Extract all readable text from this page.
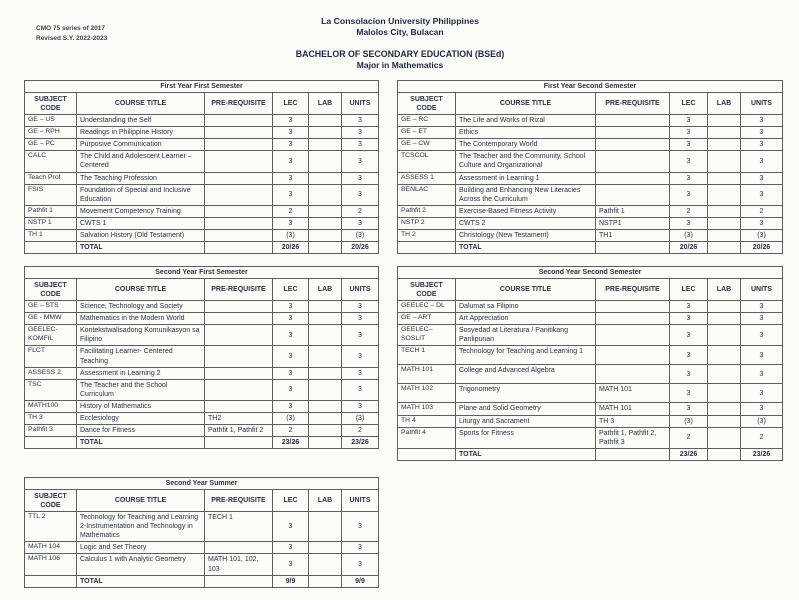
CMO 75 series of 2017
Revised S.Y. 2022-2023
La Consolacion University Philippines
Malolos City, Bulacan
BACHELOR OF SECONDARY EDUCATION (BSEd)
Major in Mathematics
First Year First Semester					
SUBJECT CODE	COURSE TITLE	PRE-REQUISITE	LEC	LAB	UNITS
GE – US	Understanding the Self		3		3
GE – RPH	Readings in Philippine History		3		3
GE – PC	Purposive Communication		3		3
CALC	The Child and Adolescent Learner – Centered		3		3
Teach Prof	The Teaching Profession		3		3
FSIS	Foundation of Special and Inclusive Education		3		3
Pathfit 1	Movement Competency Training		2		2
NSTP 1	CWTS 1		3		3
TH 1	Salvation History (Old Testament)		(3)		(3)
	TOTAL		20/26		20/26
First Year Second Semester					
SUBJECT CODE	COURSE TITLE	PRE-REQUISITE	LEC	LAB	UNITS
GE – RC	The Life and Works of Rizal		3		3
GE – ET	Ethics		3		3
GE – CW	The Contemporary World		3		3
TCSCOL	The Teacher and the Community, School Culture and Organizational		3		3
ASSESS 1	Assessment in Learning 1		3		3
BENLAC	Building and Enhancing New Literacies Across the Curriculum		3		3
Pathfit 2	Exercise-Based Fitness Activity	Pathfit 1	2		2
NSTP 2	CWTS 2	NSTP1	3		3
TH 2	Christology (New Testament)	TH1	(3)		(3)
	TOTAL		20/26		20/26
Second Year First Semester					
SUBJECT CODE	COURSE TITLE	PRE-REQUISITE	LEC	LAB	UNITS
GE – STS	Science, Technology and Society		3		3
GE - MMW	Mathematics in the Modern World		3		3
GEELEC-KOMFIL	Kontekstwalisadong Komunikasyon sa Filipino		3		3
FLCT	Facilitating Learner- Centered Teaching		3		3
ASSESS 2	Assessment in Learning 2		3		3
TSC	The Teacher and the School Curriculum		3		3
MATH100	History of Mathematics		3		3
TH 3	Ecclesiology	TH2	(3)		(3)
Pathfit 3	Dance for Fitness	Pathfit 1, Pathfit 2	2		2
	TOTAL		23/26		23/26
Second Year Second Semester					
SUBJECT CODE	COURSE TITLE	PRE-REQUISITE	LEC	LAB	UNITS
GEELEC – DL	Dalumat sa Filipino		3		3
GE – ART	Art Appreciation		3		3
GEELEC–SOSLIT	Sosyedad at Literatura / Panitikang Panlipunan		3		3
TECH 1	Technology for Teaching and Learning 1		3		3
MATH 101	College and Advanced Algebra		3		3
MATH 102	Trigonometry	MATH 101	3		3
MATH 103	Plane and Solid Geometry	MATH 101	3		3
TH 4	Liturgy and Sacrament	TH 3	(3)		(3)
Pathfit 4	Sports for Fitness	Pathfit 1, Pathfit 2, Pathfit 3	2		2
	TOTAL		23/26		23/26
Second Year Summer					
SUBJECT CODE	COURSE TITLE	PRE-REQUISITE	LEC	LAB	UNITS
TTL 2	Technology for Teaching and Learning 2-Instrumentation and Technology in Mathematics	TECH 1	3		3
MATH 104	Logic and Set Theory		3		3
MATH 106	Calculus 1 with Analytic Geometry	MATH 101, 102, 103	3		3
	TOTAL		9/9		9/9
